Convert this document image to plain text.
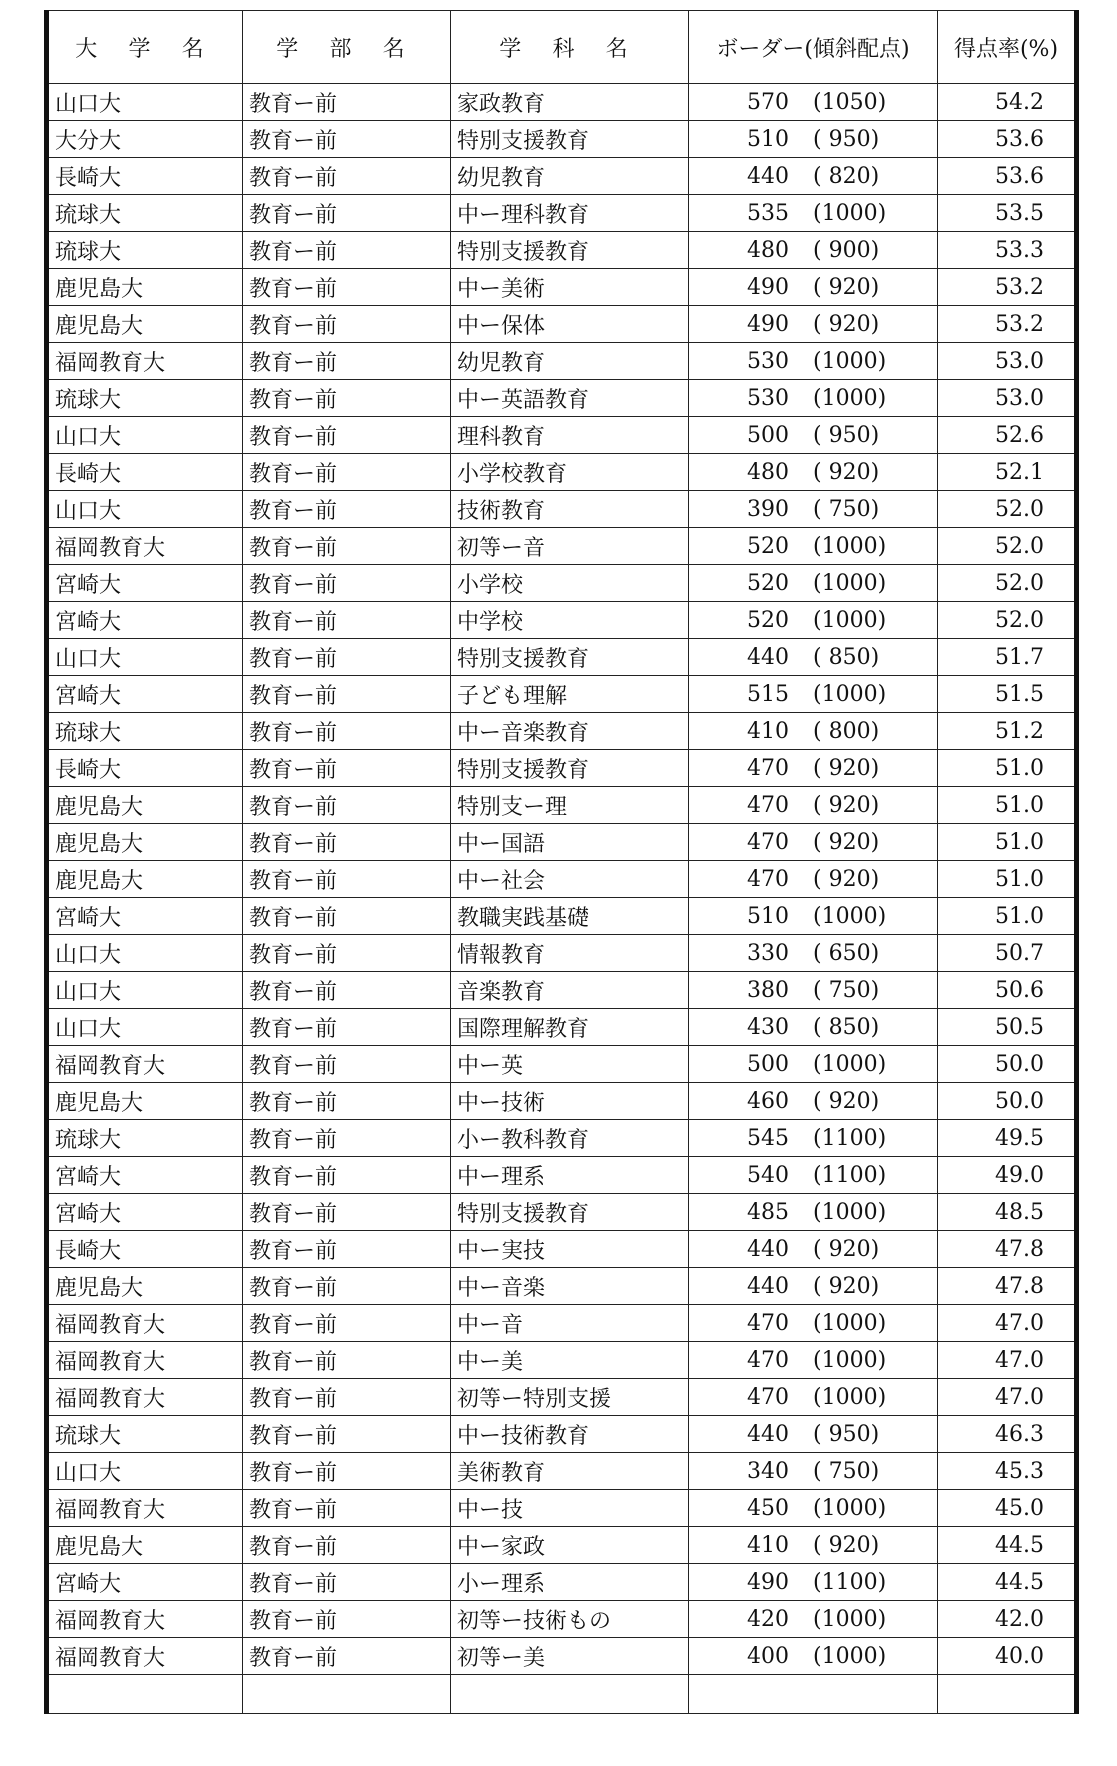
大 学 名	学 部 名	学 科 名	ボーダー(傾斜配点)	得点率(%)
山口大	教育ー前	家政教育	570 (1050)	54.2
大分大	教育ー前	特別支援教育	510 ( 950)	53.6
長崎大	教育ー前	幼児教育	440 ( 820)	53.6
琉球大	教育ー前	中ー理科教育	535 (1000)	53.5
琉球大	教育ー前	特別支援教育	480 ( 900)	53.3
鹿児島大	教育ー前	中ー美術	490 ( 920)	53.2
鹿児島大	教育ー前	中ー保体	490 ( 920)	53.2
福岡教育大	教育ー前	幼児教育	530 (1000)	53.0
琉球大	教育ー前	中ー英語教育	530 (1000)	53.0
山口大	教育ー前	理科教育	500 ( 950)	52.6
長崎大	教育ー前	小学校教育	480 ( 920)	52.1
山口大	教育ー前	技術教育	390 ( 750)	52.0
福岡教育大	教育ー前	初等ー音	520 (1000)	52.0
宮崎大	教育ー前	小学校	520 (1000)	52.0
宮崎大	教育ー前	中学校	520 (1000)	52.0
山口大	教育ー前	特別支援教育	440 ( 850)	51.7
宮崎大	教育ー前	子ども理解	515 (1000)	51.5
琉球大	教育ー前	中ー音楽教育	410 ( 800)	51.2
長崎大	教育ー前	特別支援教育	470 ( 920)	51.0
鹿児島大	教育ー前	特別支ー理	470 ( 920)	51.0
鹿児島大	教育ー前	中ー国語	470 ( 920)	51.0
鹿児島大	教育ー前	中ー社会	470 ( 920)	51.0
宮崎大	教育ー前	教職実践基礎	510 (1000)	51.0
山口大	教育ー前	情報教育	330 ( 650)	50.7
山口大	教育ー前	音楽教育	380 ( 750)	50.6
山口大	教育ー前	国際理解教育	430 ( 850)	50.5
福岡教育大	教育ー前	中ー英	500 (1000)	50.0
鹿児島大	教育ー前	中ー技術	460 ( 920)	50.0
琉球大	教育ー前	小ー教科教育	545 (1100)	49.5
宮崎大	教育ー前	中ー理系	540 (1100)	49.0
宮崎大	教育ー前	特別支援教育	485 (1000)	48.5
長崎大	教育ー前	中ー実技	440 ( 920)	47.8
鹿児島大	教育ー前	中ー音楽	440 ( 920)	47.8
福岡教育大	教育ー前	中ー音	470 (1000)	47.0
福岡教育大	教育ー前	中ー美	470 (1000)	47.0
福岡教育大	教育ー前	初等ー特別支援	470 (1000)	47.0
琉球大	教育ー前	中ー技術教育	440 ( 950)	46.3
山口大	教育ー前	美術教育	340 ( 750)	45.3
福岡教育大	教育ー前	中ー技	450 (1000)	45.0
鹿児島大	教育ー前	中ー家政	410 ( 920)	44.5
宮崎大	教育ー前	小ー理系	490 (1100)	44.5
福岡教育大	教育ー前	初等ー技術もの	420 (1000)	42.0
福岡教育大	教育ー前	初等ー美	400 (1000)	40.0
